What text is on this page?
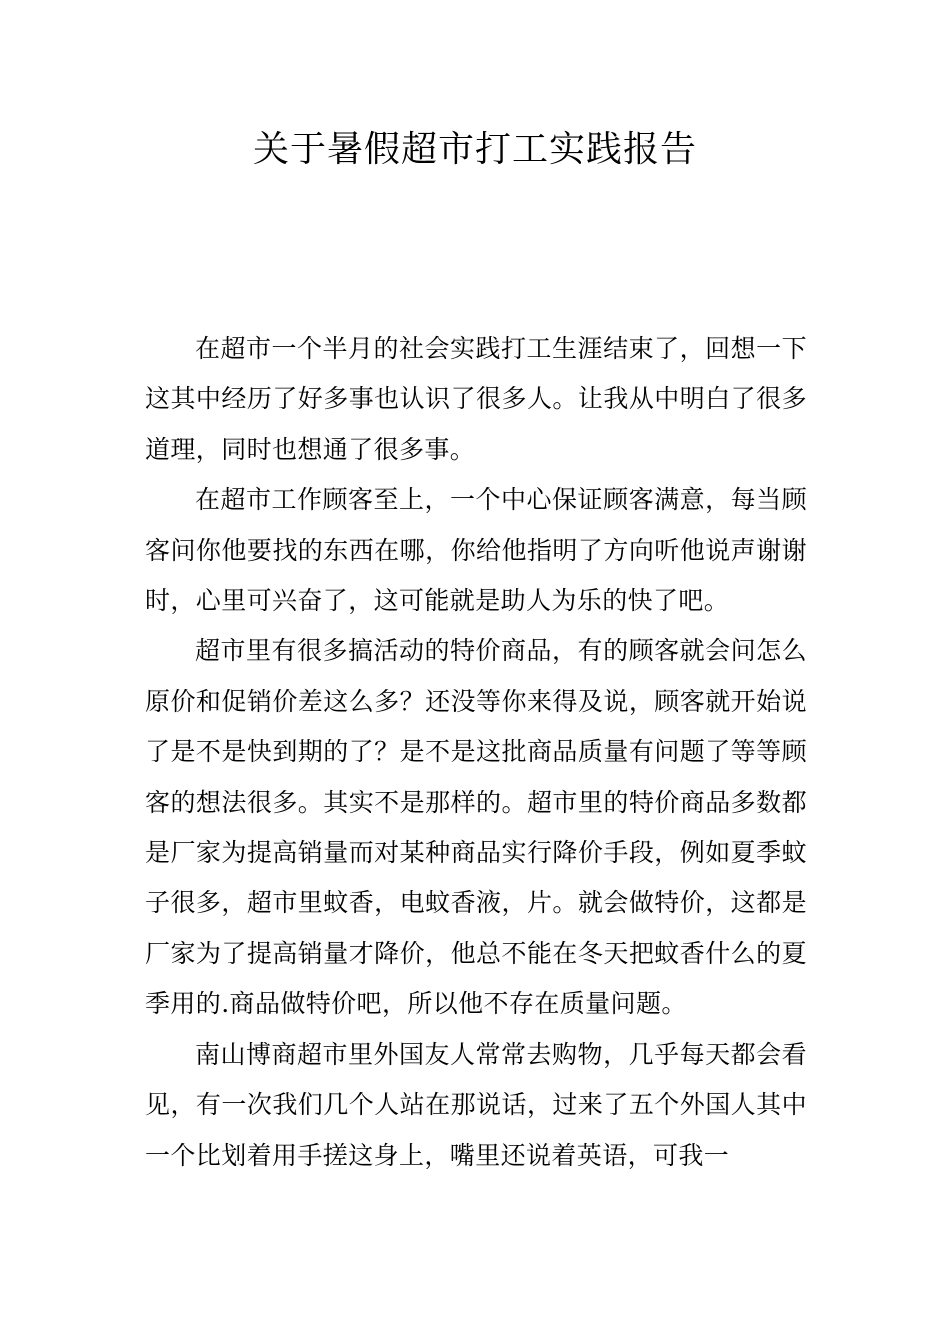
关于暑假超市打工实践报告

在超市一个半月的社会实践打工生涯结束了，回想一下这其中经历了好多事也认识了很多人。让我从中明白了很多道理，同时也想通了很多事。

在超市工作顾客至上，一个中心保证顾客满意，每当顾客问你他要找的东西在哪，你给他指明了方向听他说声谢谢时，心里可兴奋了，这可能就是助人为乐的快了吧。

超市里有很多搞活动的特价商品，有的顾客就会问怎么原价和促销价差这么多？还没等你来得及说，顾客就开始说了是不是快到期的了？是不是这批商品质量有问题了等等顾客的想法很多。其实不是那样的。超市里的特价商品多数都是厂家为提高销量而对某种商品实行降价手段，例如夏季蚊子很多，超市里蚊香，电蚊香液，片。就会做特价，这都是厂家为了提高销量才降价，他总不能在冬天把蚊香什么的夏季用的.商品做特价吧，所以他不存在质量问题。

南山博商超市里外国友人常常去购物，几乎每天都会看见，有一次我们几个人站在那说话，过来了五个外国人其中一个比划着用手搓这身上，嘴里还说着英语，可我一
